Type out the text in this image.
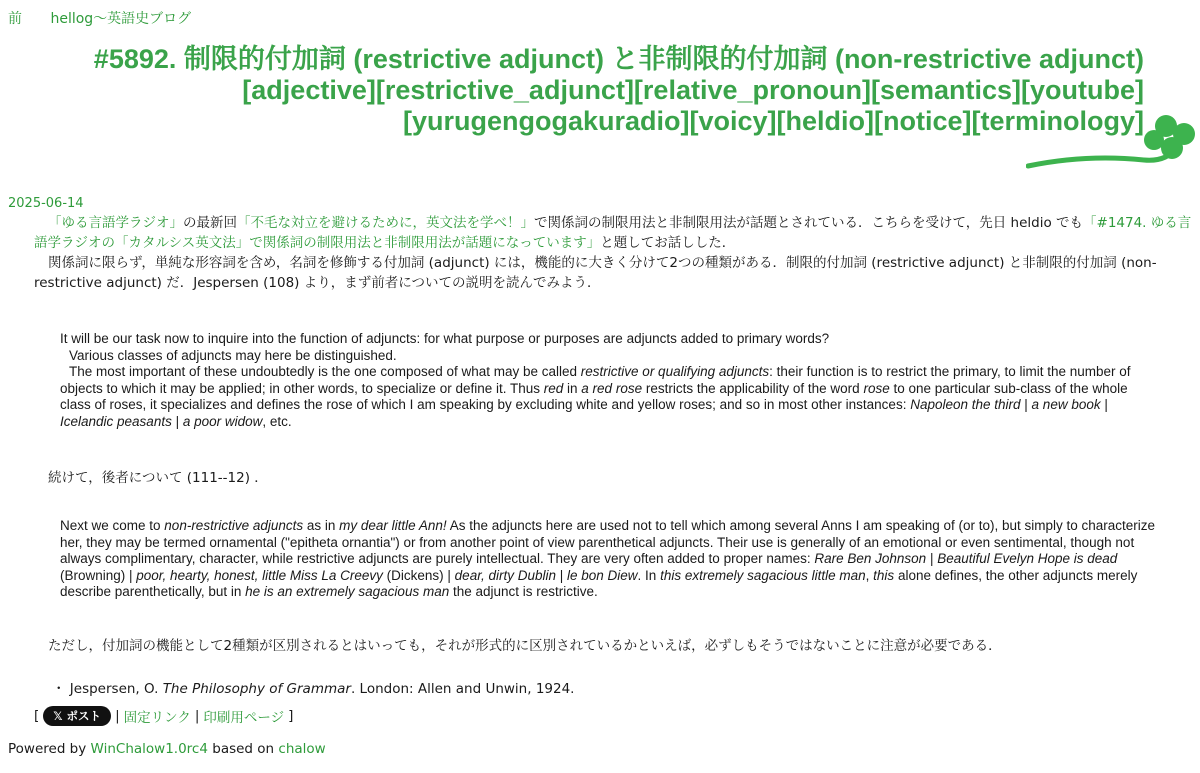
前 hellog〜英語史ブログ
#5892. 制限的付加詞 (restrictive adjunct) と非制限的付加詞 (non-restrictive adjunct)
[adjective][restrictive_adjunct][relative_pronoun][semantics][youtube]
[yurugengogakuradio][voicy][heldio][notice][terminology]
2025-06-14

「ゆる言語学ラジオ」の最新回「不毛な対立を避けるために，英文法を学べ！」で関係詞の制限用法と非制限用法が話題とされている．こちらを受けて，先日 heldio でも「#1474. ゆる言語学ラジオの「カタルシス英文法」で関係詞の制限用法と非制限用法が話題になっています」と題してお話しした．

関係詞に限らず，単純な形容詞を含め，名詞を修飾する付加詞 (adjunct) には，機能的に大きく分けて2つの種類がある．制限的付加詞 (restrictive adjunct) と非制限的付加詞 (non-restrictive adjunct) だ．Jespersen (108) より，まず前者についての説明を読んでみよう．

It will be our task now to inquire into the function of adjuncts: for what purpose or purposes are adjuncts added to primary words?

Various classes of adjuncts may here be distinguished.

The most important of these undoubtedly is the one composed of what may be called restrictive or qualifying adjuncts: their function is to restrict the primary, to limit the number of objects to which it may be applied; in other words, to specialize or define it. Thus red in a red rose restricts the applicability of the word rose to one particular sub-class of the whole class of roses, it specializes and defines the rose of which I am speaking by excluding white and yellow roses; and so in most other instances: Napoleon the third | a new book | Icelandic peasants | a poor widow, etc.

続けて，後者について (111--12) ．

Next we come to non-restrictive adjuncts as in my dear little Ann! As the adjuncts here are used not to tell which among several Anns I am speaking of (or to), but simply to characterize her, they may be termed ornamental ("epitheta ornantia") or from another point of view parenthetical adjuncts. Their use is generally of an emotional or even sentimental, though not always complimentary, character, while restrictive adjuncts are purely intellectual. They are very often added to proper names: Rare Ben Johnson | Beautiful Evelyn Hope is dead (Browning) | poor, hearty, honest, little Miss La Creevy (Dickens) | dear, dirty Dublin | le bon Diew. In this extremely sagacious little man, this alone defines, the other adjuncts merely describe parenthetically, but in he is an extremely sagacious man the adjunct is restrictive.

ただし，付加詞の機能として2種類が区別されるとはいっても，それが形式的に区別されているかといえば，必ずしもそうではないことに注意が必要である．
・ Jespersen, O. The Philosophy of Grammar. London: Allen and Unwin, 1924.
[	𝕏 ポスト	| 固定リンク | 印刷用ページ ]
Powered by WinChalow1.0rc4 based on chalow
